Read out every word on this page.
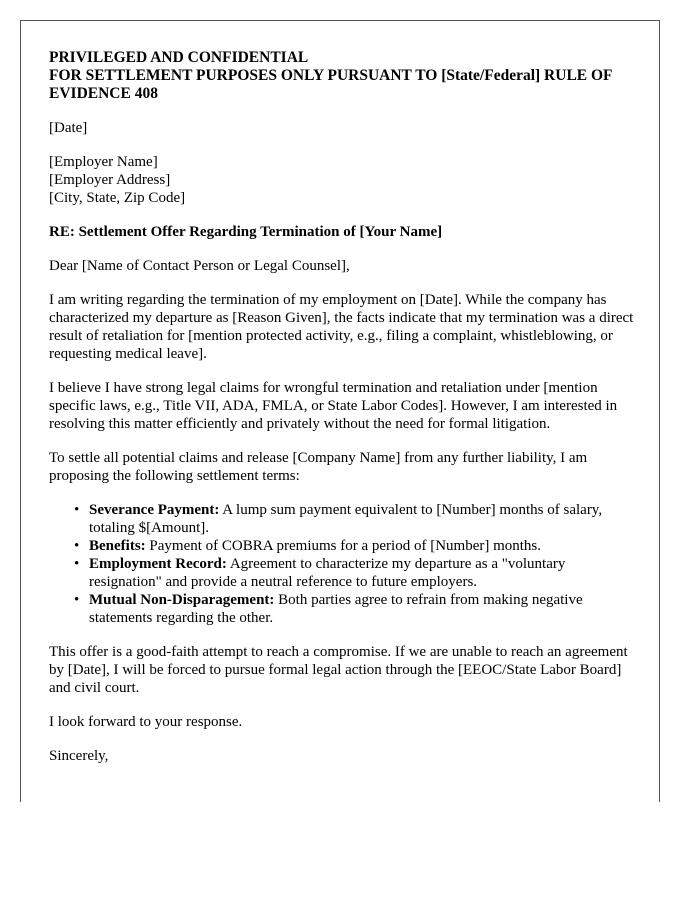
PRIVILEGED AND CONFIDENTIAL
FOR SETTLEMENT PURPOSES ONLY PURSUANT TO [State/Federal] RULE OF
EVIDENCE 408

[Date]

[Employer Name]
[Employer Address]
[City, State, Zip Code]

RE: Settlement Offer Regarding Termination of [Your Name]

Dear [Name of Contact Person or Legal Counsel],

I am writing regarding the termination of my employment on [Date]. While the company has characterized my departure as [Reason Given], the facts indicate that my termination was a direct result of retaliation for [mention protected activity, e.g., filing a complaint, whistleblowing, or requesting medical leave].

I believe I have strong legal claims for wrongful termination and retaliation under [mention specific laws, e.g., Title VII, ADA, FMLA, or State Labor Codes]. However, I am interested in resolving this matter efficiently and privately without the need for formal litigation.

To settle all potential claims and release [Company Name] from any further liability, I am proposing the following settlement terms:

• Severance Payment: A lump sum payment equivalent to [Number] months of salary, totaling $[Amount].
• Benefits: Payment of COBRA premiums for a period of [Number] months.
• Employment Record: Agreement to characterize my departure as a "voluntary resignation" and provide a neutral reference to future employers.
• Mutual Non-Disparagement: Both parties agree to refrain from making negative statements regarding the other.

This offer is a good-faith attempt to reach a compromise. If we are unable to reach an agreement by [Date], I will be forced to pursue formal legal action through the [EEOC/State Labor Board] and civil court.

I look forward to your response.

Sincerely,
